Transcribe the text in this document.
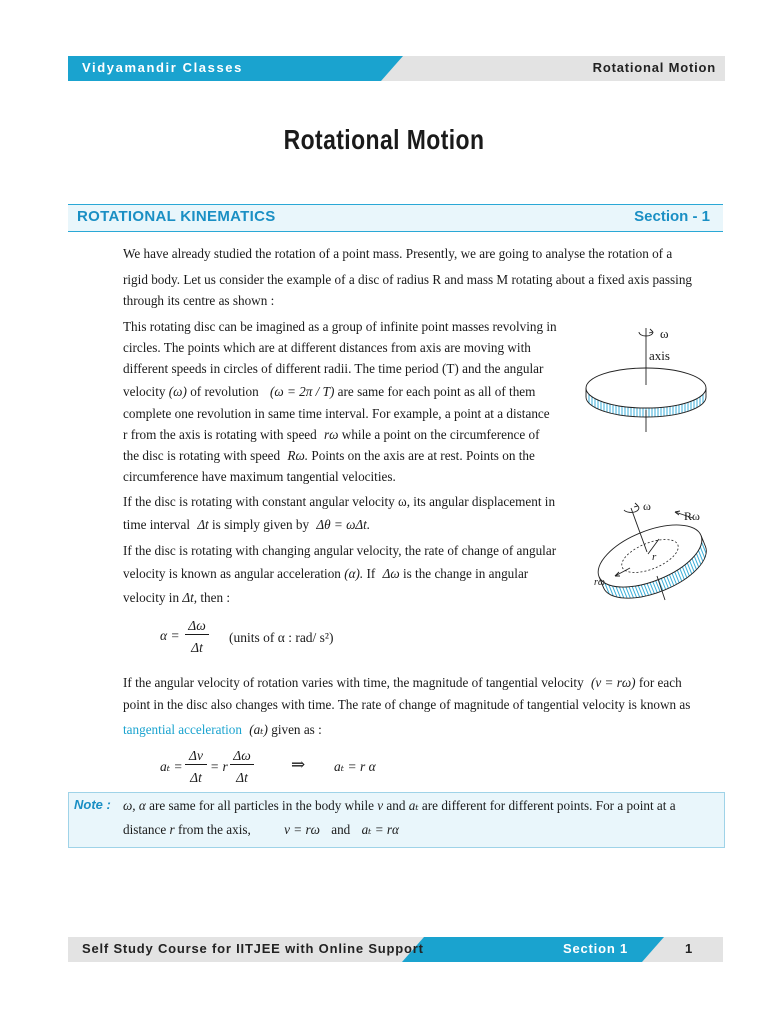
Vidyamandir Classes	Rotational Motion
Rotational Motion
ROTATIONAL KINEMATICS	Section - 1
We have already studied the rotation of a point mass. Presently, we are going to analyse the rotation of a
rigid body. Let us consider the example of a disc of radius R and mass M rotating about a fixed axis passing
through its centre as shown :
This rotating disc can be imagined as a group of infinite point masses revolving in
circles. The points which are at different distances from axis are moving with
different speeds in circles of different radii. The time period (T) and the angular
velocity (ω) of revolution (ω = 2π / T) are same for each point as all of them
complete one revolution in same time interval. For example, a point at a distance
r from the axis is rotating with speed rω while a point on the circumference of
the disc is rotating with speed Rω. Points on the axis are at rest. Points on the
circumference have maximum tangential velocities.
If the disc is rotating with constant angular velocity ω, its angular displacement in
time interval Δt is simply given by Δθ = ωΔt.
If the disc is rotating with changing angular velocity, the rate of change of angular
velocity is known as angular acceleration (α). If Δω is the change in angular
velocity in Δt, then :
α =
Δω
Δt
(units of α : rad/ s²)
If the angular velocity of rotation varies with time, the magnitude of tangential velocity (v = rω) for each
point in the disc also changes with time. The rate of change of magnitude of tangential velocity is known as
tangential acceleration (aₜ) given as :
aₜ =
Δv
Δt
= r
Δω
Δt
⇒ aₜ = r α
Note : ω, α are same for all particles in the body while v and aₜ are different for different points. For a point at a
distance r from the axis,	v = rω and aₜ = rα
ω
axis
ω
r
Rω
rω
Self Study Course for IITJEE with Online Support	Section 1	1
